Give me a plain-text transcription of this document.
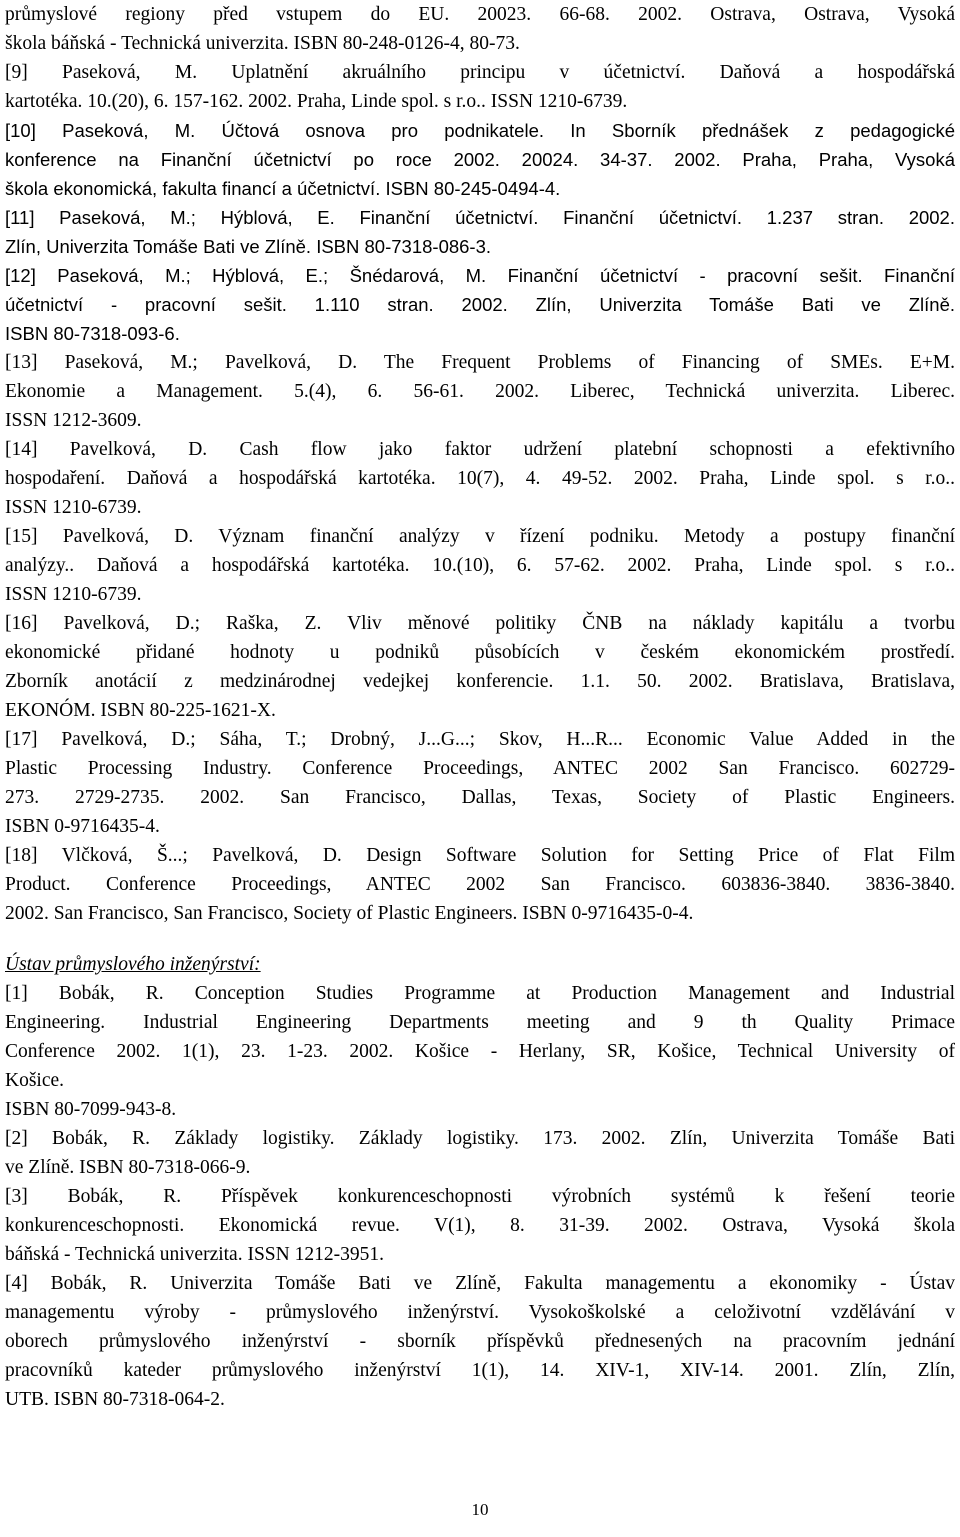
průmyslové regiony před vstupem do EU. 20023. 66-68. 2002. Ostrava, Ostrava, Vysoká
škola báňská - Technická univerzita. ISBN 80-248-0126-4, 80-73.
[9] Paseková, M. Uplatnění akruálního principu v účetnictví. Daňová a hospodářská
kartotéka. 10.(20), 6. 157-162. 2002. Praha, Linde spol. s r.o.. ISSN 1210-6739.
[10] Paseková, M. Účtová osnova pro podnikatele. In Sborník přednášek z pedagogické
konference na Finanční účetnictví po roce 2002. 20024. 34-37. 2002. Praha, Praha, Vysoká
škola ekonomická, fakulta financí a účetnictví. ISBN 80-245-0494-4.
[11] Paseková, M.; Hýblová, E. Finanční účetnictví. Finanční účetnictví. 1.237 stran. 2002.
Zlín, Univerzita Tomáše Bati ve Zlíně. ISBN 80-7318-086-3.
[12] Paseková, M.; Hýblová, E.; Šnédarová, M. Finanční účetnictví - pracovní sešit. Finanční
účetnictví - pracovní sešit. 1.110 stran. 2002. Zlín, Univerzita Tomáše Bati ve Zlíně.
ISBN 80-7318-093-6.
[13] Paseková, M.; Pavelková, D. The Frequent Problems of Financing of SMEs. E+M.
Ekonomie a Management. 5.(4), 6. 56-61. 2002. Liberec, Technická univerzita. Liberec.
ISSN 1212-3609.
[14] Pavelková, D. Cash flow jako faktor udržení platební schopnosti a efektivního
hospodaření. Daňová a hospodářská kartotéka. 10(7), 4. 49-52. 2002. Praha, Linde spol. s r.o..
ISSN 1210-6739.
[15] Pavelková, D. Význam finanční analýzy v řízení podniku. Metody a postupy finanční
analýzy.. Daňová a hospodářská kartotéka. 10.(10), 6. 57-62. 2002. Praha, Linde spol. s r.o..
ISSN 1210-6739.
[16] Pavelková, D.; Raška, Z. Vliv měnové politiky ČNB na náklady kapitálu a tvorbu
ekonomické přidané hodnoty u podniků působících v českém ekonomickém prostředí.
Zborník anotácií z medzinárodnej vedejkej konferencie. 1.1. 50. 2002. Bratislava, Bratislava,
EKONÓM. ISBN 80-225-1621-X.
[17] Pavelková, D.; Sáha, T.; Drobný, J...G...; Skov, H...R... Economic Value Added in the
Plastic Processing Industry. Conference Proceedings, ANTEC 2002 San Francisco. 602729-
273. 2729-2735. 2002. San Francisco, Dallas, Texas, Society of Plastic Engineers.
ISBN 0-9716435-4.
[18] Vlčková, Š...; Pavelková, D. Design Software Solution for Setting Price of Flat Film
Product. Conference Proceedings, ANTEC 2002 San Francisco. 603836-3840. 3836-3840.
2002. San Francisco, San Francisco, Society of Plastic Engineers. ISBN 0-9716435-0-4.
Ústav průmyslového inženýrství:
[1] Bobák, R. Conception Studies Programme at Production Management and Industrial
Engineering. Industrial Engineering Departments meeting and 9 th Quality Primace
Conference 2002. 1(1), 23. 1-23. 2002. Košice - Herlany, SR, Košice, Technical University of
Košice.
ISBN 80-7099-943-8.
[2] Bobák, R. Základy logistiky. Základy logistiky. 173. 2002. Zlín, Univerzita Tomáše Bati
ve Zlíně. ISBN 80-7318-066-9.
[3] Bobák, R. Příspěvek konkurenceschopnosti výrobních systémů k řešení teorie
konkurenceschopnosti. Ekonomická revue. V(1), 8. 31-39. 2002. Ostrava, Vysoká škola
báňská - Technická univerzita. ISSN 1212-3951.
[4] Bobák, R. Univerzita Tomáše Bati ve Zlíně, Fakulta managementu a ekonomiky - Ústav
managementu výroby - průmyslového inženýrství. Vysokoškolské a celoživotní vzdělávání v
oborech průmyslového inženýrství - sborník příspěvků přednesených na pracovním jednání
pracovníků kateder průmyslového inženýrství 1(1), 14. XIV-1, XIV-14. 2001. Zlín, Zlín,
UTB. ISBN 80-7318-064-2.
10
